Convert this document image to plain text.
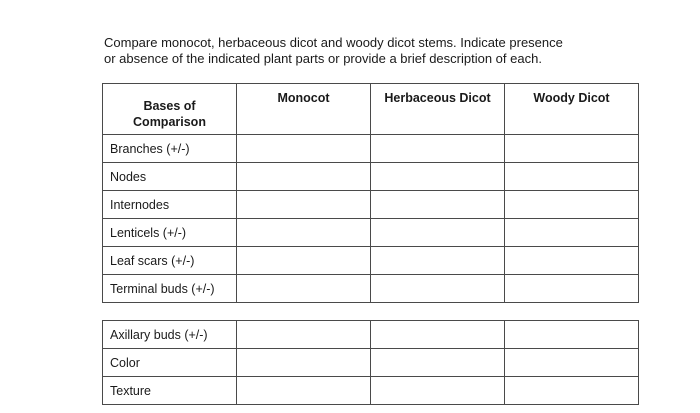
Compare monocot, herbaceous dicot and woody dicot stems. Indicate presence
or absence of the indicated plant parts or provide a brief description of each.

Bases of
Comparison	Monocot	Herbaceous Dicot	Woody Dicot
Branches (+/-)			
Nodes			
Internodes			
Lenticels (+/-)			
Leaf scars (+/-)			
Terminal buds (+/-)			
Axillary buds (+/-)			
Color			
Texture			
